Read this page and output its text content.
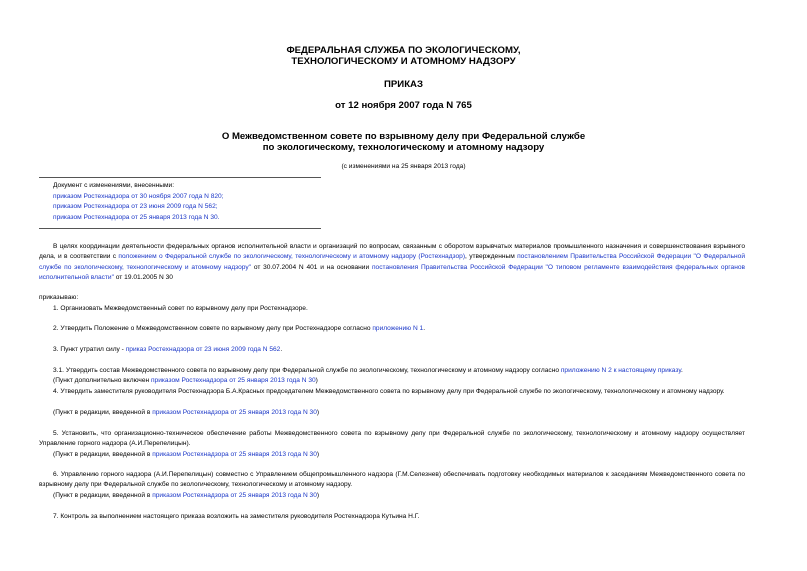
ФЕДЕРАЛЬНАЯ СЛУЖБА ПО ЭКОЛОГИЧЕСКОМУ,
ТЕХНОЛОГИЧЕСКОМУ И АТОМНОМУ НАДЗОРУ
ПРИКАЗ
от 12 ноября 2007 года N 765
О Межведомственном совете по взрывному делу при Федеральной службе
по экологическому, технологическому и атомному надзору
(с изменениями на 25 января 2013 года)
Документ с изменениями, внесенными:
приказом Ростехнадзора от 30 ноября 2007 года N 820;
приказом Ростехнадзора от 23 июня 2009 года N 562;
приказом Ростехнадзора от 25 января 2013 года N 30.
В целях координации деятельности федеральных органов исполнительной власти и организаций по вопросам, связанным с оборотом взрывчатых материалов промышленного назначения и совершенствования взрывного дела, и в соответствии с положением о Федеральной службе по экологическому, технологическому и атомному надзору (Ростехнадзор), утвержденным постановлением Правительства Российской Федерации "О Федеральной службе по экологическому, технологическому и атомному надзору" от 30.07.2004 N 401 и на основании постановления Правительства Российской Федерации "О типовом регламенте взаимодействия федеральных органов исполнительной власти" от 19.01.2005 N 30
приказываю:
1. Организовать Межведомственный совет по взрывному делу при Ростехнадзоре.
2. Утвердить Положение о Межведомственном совете по взрывному делу при Ростехнадзоре согласно приложению N 1.
3. Пункт утратил силу - приказ Ростехнадзора от 23 июня 2009 года N 562.
3.1. Утвердить состав Межведомственного совета по взрывному делу при Федеральной службе по экологическому, технологическому и атомному надзору согласно приложению N 2 к настоящему приказу.
(Пункт дополнительно включен приказом Ростехнадзора от 25 января 2013 года N 30)
4. Утвердить заместителя руководителя Ростехнадзора Б.А.Красных председателем Межведомственного совета по взрывному делу при Федеральной службе по экологическому, технологическому и атомному надзору.
(Пункт в редакции, введенной в приказом Ростехнадзора от 25 января 2013 года N 30)
5. Установить, что организационно-техническое обеспечение работы Межведомственного совета по взрывному делу при Федеральной службе по экологическому, технологическому и атомному надзору осуществляет Управление горного надзора (А.И.Перепелицын).
(Пункт в редакции, введенной в приказом Ростехнадзора от 25 января 2013 года N 30)
6. Управлению горного надзора (А.И.Перепелицын) совместно с Управлением общепромышленного надзора (Г.М.Селезнев) обеспечивать подготовку необходимых материалов к заседаниям Межведомственного совета по взрывному делу при Федеральной службе по экологическому, технологическому и атомному надзору.
(Пункт в редакции, введенной в приказом Ростехнадзора от 25 января 2013 года N 30)
7. Контроль за выполнением настоящего приказа возложить на заместителя руководителя Ростехнадзора Кутьина Н.Г.
